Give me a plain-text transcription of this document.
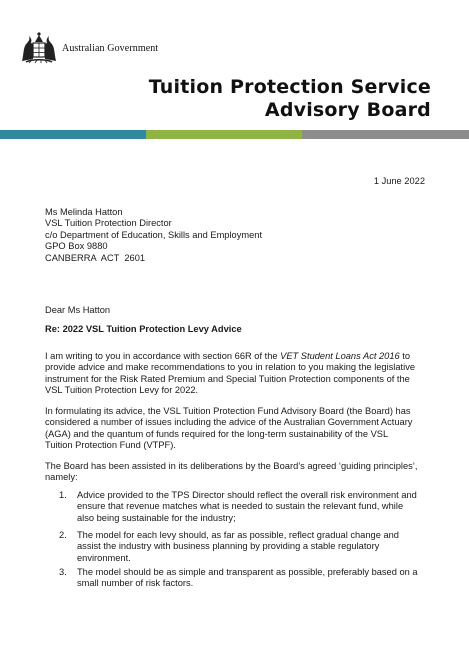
Australian Government
Tuition Protection Service
Advisory Board
1 June 2022
Ms Melinda Hatton
VSL Tuition Protection Director
c/o Department of Education, Skills and Employment
GPO Box 9880
CANBERRA  ACT  2601
Dear Ms Hatton
Re: 2022 VSL Tuition Protection Levy Advice
I am writing to you in accordance with section 66R of the VET Student Loans Act 2016 to
provide advice and make recommendations to you in relation to you making the legislative
instrument for the Risk Rated Premium and Special Tuition Protection components of the
VSL Tuition Protection Levy for 2022.
In formulating its advice, the VSL Tuition Protection Fund Advisory Board (the Board) has
considered a number of issues including the advice of the Australian Government Actuary
(AGA) and the quantum of funds required for the long-term sustainability of the VSL
Tuition Protection Fund (VTPF).
The Board has been assisted in its deliberations by the Board’s agreed ‘guiding principles’,
namely:
1. Advice provided to the TPS Director should reflect the overall risk environment and
ensure that revenue matches what is needed to sustain the relevant fund, while
also being sustainable for the industry;
2. The model for each levy should, as far as possible, reflect gradual change and
assist the industry with business planning by providing a stable regulatory
environment.
3. The model should be as simple and transparent as possible, preferably based on a
small number of risk factors.
